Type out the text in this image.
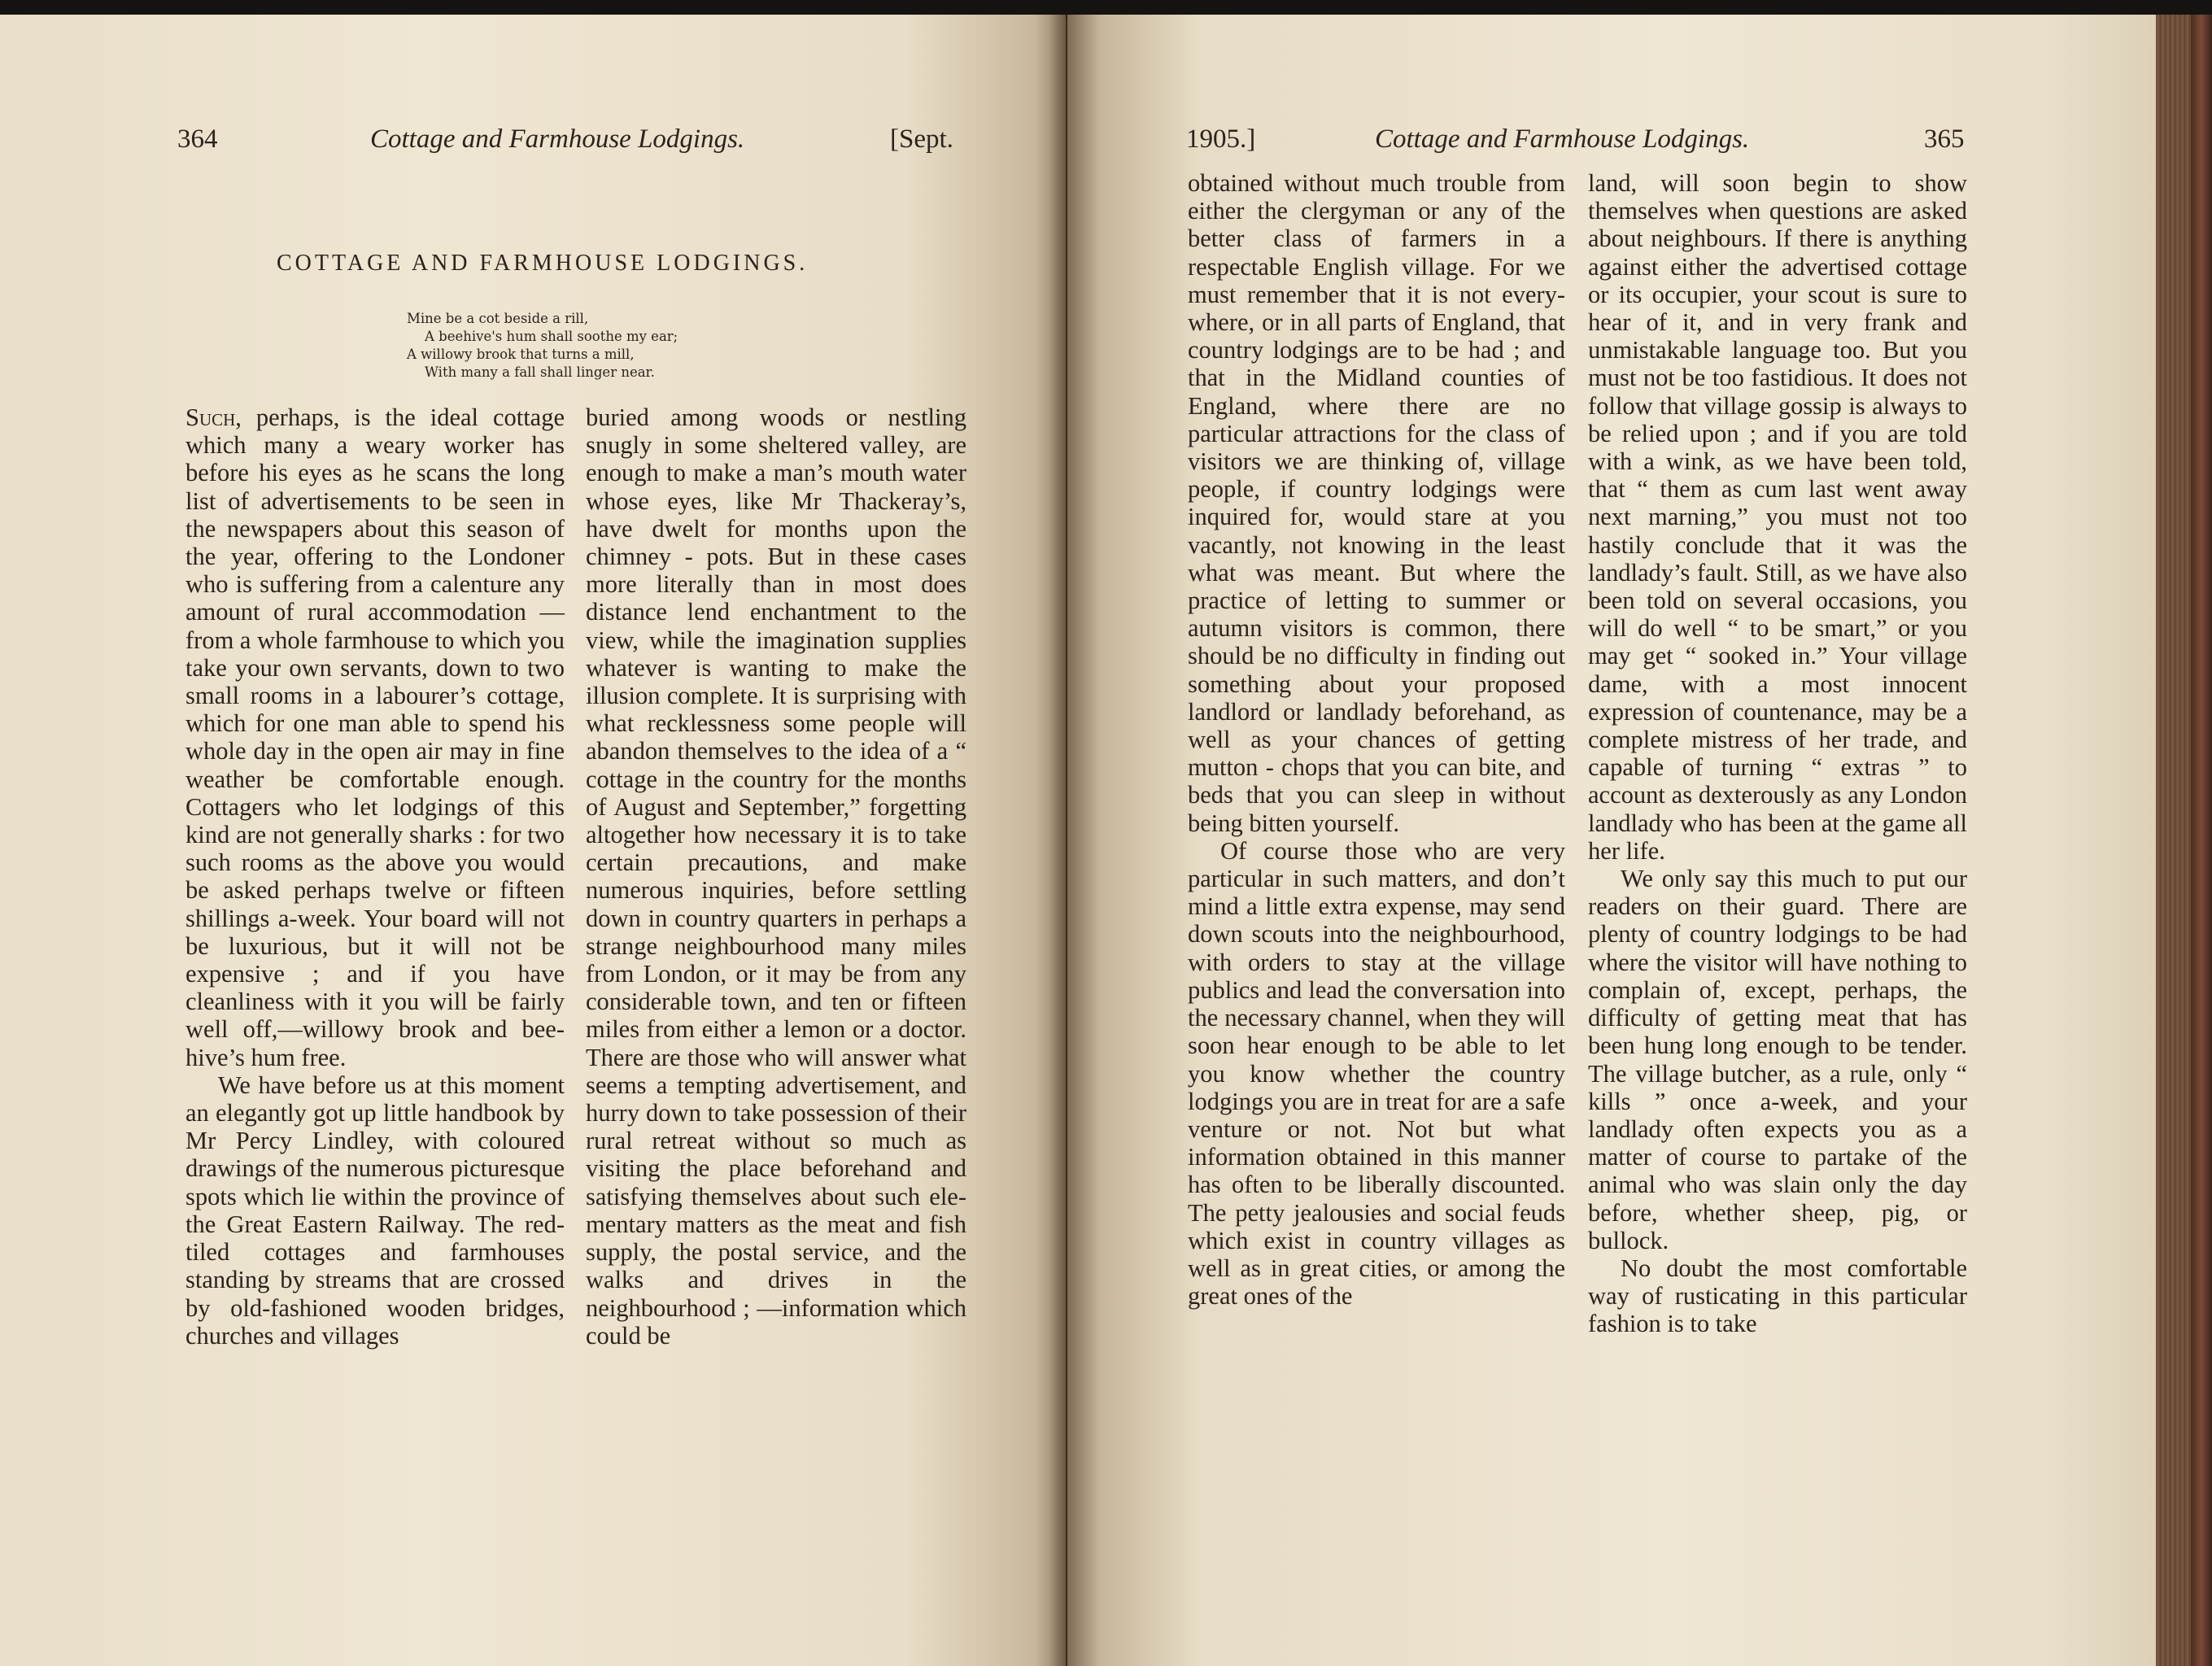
364	Cottage and Farmhouse Lodgings.	[Sept.
COTTAGE AND FARMHOUSE LODGINGS.
Mine be a cot beside a rill,
A beehive's hum shall soothe my ear;
A willowy brook that turns a mill,
With many a fall shall linger near.

Such, perhaps, is the ideal cottage which many a weary worker has before his eyes as he scans the long list of advertisements to be seen in the newspapers about this season of the year, offering to the Londoner who is suffering from a calenture any amount of rural accommodation — from a whole farmhouse to which you take your own servants, down to two small rooms in a labourer’s cottage, which for one man able to spend his whole day in the open air may in fine weather be comfortable enough. Cottagers who let lodgings of this kind are not generally sharks : for two such rooms as the above you would be asked perhaps twelve or fifteen shillings a-week. Your board will not be luxurious, but it will not be expensive ; and if you have cleanliness with it you will be fairly well off,—willowy brook and beehive’s hum free.

We have before us at this moment an elegantly got up little handbook by Mr Percy Lindley, with coloured drawings of the numerous picturesque spots which lie within the province of the Great Eastern Railway. The red-tiled cottages and farmhouses standing by streams that are crossed by old-fashioned wooden bridges, churches and villages

buried among woods or nestling snugly in some sheltered valley, are enough to make a man’s mouth water whose eyes, like Mr Thackeray’s, have dwelt for months upon the chimney - pots. But in these cases more literally than in most does distance lend enchantment to the view, while the imagination supplies whatever is wanting to make the illusion complete. It is surprising with what recklessness some people will abandon themselves to the idea of a “ cottage in the country for the months of August and September,” forgetting altogether how necessary it is to take certain precautions, and make numerous inquiries, before settling down in country quarters in perhaps a strange neighbourhood many miles from London, or it may be from any considerable town, and ten or fifteen miles from either a lemon or a doctor. There are those who will answer what seems a tempting advertisement, and hurry down to take possession of their rural retreat without so much as visiting the place beforehand and satisfying themselves about such elementary matters as the meat and fish supply, the postal service, and the walks and drives in the neighbourhood ; —information which could be

1905.]	Cottage and Farmhouse Lodgings.	365

obtained without much trouble from either the clergyman or any of the better class of farmers in a respectable English village. For we must remember that it is not everywhere, or in all parts of England, that country lodgings are to be had ; and that in the Midland counties of England, where there are no particular attractions for the class of visitors we are thinking of, village people, if country lodgings were inquired for, would stare at you vacantly, not knowing in the least what was meant. But where the practice of letting to summer or autumn visitors is common, there should be no difficulty in finding out something about your proposed landlord or landlady beforehand, as well as your chances of getting mutton - chops that you can bite, and beds that you can sleep in without being bitten yourself.

Of course those who are very particular in such matters, and don’t mind a little extra expense, may send down scouts into the neighbourhood, with orders to stay at the village publics and lead the conversation into the necessary channel, when they will soon hear enough to be able to let you know whether the country lodgings you are in treat for are a safe venture or not. Not but what information obtained in this manner has often to be liberally discounted. The petty jealousies and social feuds which exist in country villages as well as in great cities, or among the great ones of the

land, will soon begin to show themselves when questions are asked about neighbours. If there is anything against either the advertised cottage or its occupier, your scout is sure to hear of it, and in very frank and unmistakable language too. But you must not be too fastidious. It does not follow that village gossip is always to be relied upon ; and if you are told with a wink, as we have been told, that “ them as cum last went away next marning,” you must not too hastily conclude that it was the landlady’s fault. Still, as we have also been told on several occasions, you will do well “ to be smart,” or you may get “ sooked in.” Your village dame, with a most innocent expression of countenance, may be a complete mistress of her trade, and capable of turning “ extras ” to account as dexterously as any London landlady who has been at the game all her life.

We only say this much to put our readers on their guard. There are plenty of country lodgings to be had where the visitor will have nothing to complain of, except, perhaps, the difficulty of getting meat that has been hung long enough to be tender. The village butcher, as a rule, only “ kills ” once a-week, and your landlady often expects you as a matter of course to partake of the animal who was slain only the day before, whether sheep, pig, or bullock.

No doubt the most comfortable way of rusticating in this particular fashion is to take
